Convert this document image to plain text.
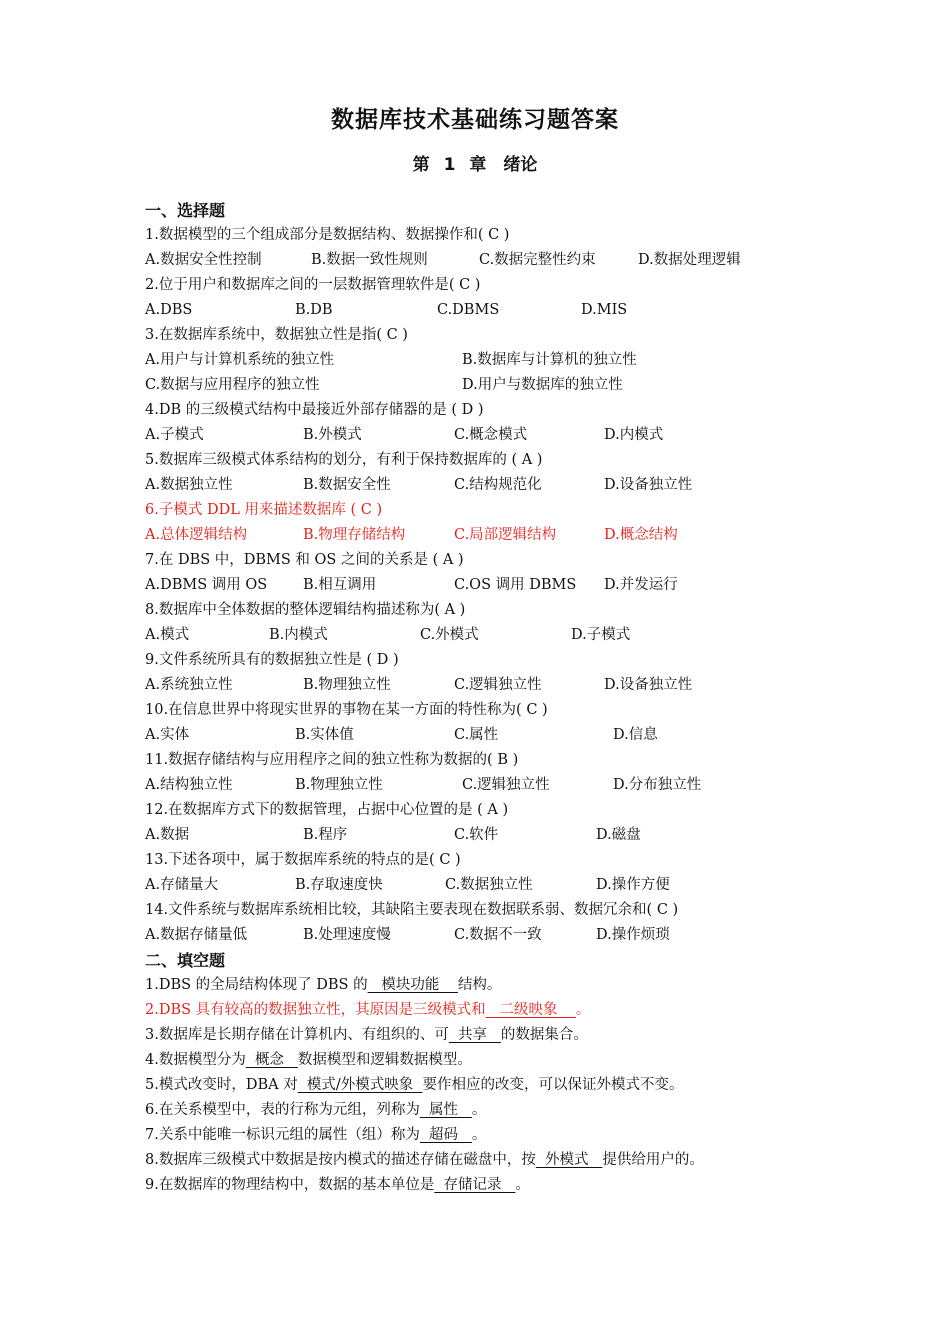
数据库技术基础练习题答案
第 1 章　绪论
一、选择题
1.数据模型的三个组成部分是数据结构、数据操作和( C )
A.数据安全性控制	B.数据一致性规则	C.数据完整性约束	D.数据处理逻辑
2.位于用户和数据库之间的一层数据管理软件是( C )
A.DBS	B.DB	C.DBMS	D.MIS
3.在数据库系统中，数据独立性是指( C )
A.用户与计算机系统的独立性	B.数据库与计算机的独立性
C.数据与应用程序的独立性	D.用户与数据库的独立性
4.DB 的三级模式结构中最接近外部存储器的是 ( D )
A.子模式	B.外模式	C.概念模式	D.内模式
5.数据库三级模式体系结构的划分，有利于保持数据库的 ( A )
A.数据独立性	B.数据安全性	C.结构规范化	D.设备独立性
6.子模式 DDL 用来描述数据库 ( C )
A.总体逻辑结构	B.物理存储结构	C.局部逻辑结构	D.概念结构
7.在 DBS 中，DBMS 和 OS 之间的关系是 ( A )
A.DBMS 调用 OS B.相互调用	C.OS 调用 DBMS D.并发运行
8.数据库中全体数据的整体逻辑结构描述称为( A )
A.模式	B.内模式	C.外模式	D.子模式
9.文件系统所具有的数据独立性是 ( D )
A.系统独立性	B.物理独立性	C.逻辑独立性	D.设备独立性
10.在信息世界中将现实世界的事物在某一方面的特性称为( C )
A.实体	B.实体值	C.属性	D.信息
11.数据存储结构与应用程序之间的独立性称为数据的( B )
A.结构独立性	B.物理独立性	C.逻辑独立性	D.分布独立性
12.在数据库方式下的数据管理，占据中心位置的是 ( A )
A.数据	B.程序	C.软件	D.磁盘
13.下述各项中，属于数据库系统的特点的是( C )
A.存储量大	B.存取速度快	C.数据独立性	D.操作方便
14.文件系统与数据库系统相比较，其缺陷主要表现在数据联系弱、数据冗余和( C )
A.数据存储量低	B.处理速度慢	C.数据不一致	D.操作烦琐
二、填空题
1.DBS 的全局结构体现了 DBS 的   模块功能    结构。
2.DBS 具有较高的数据独立性，其原因是三级模式和   二级映象    。
3.数据库是长期存储在计算机内、有组织的、可  共享   的数据集合。
4.数据模型分为  概念   数据模型和逻辑数据模型。
5.模式改变时，DBA 对  模式/外模式映象  要作相应的改变，可以保证外模式不变。
6.在关系模型中，表的行称为元组，列称为  属性   。
7.关系中能唯一标识元组的属性（组）称为  超码   。
8.数据库三级模式中数据是按内模式的描述存储在磁盘中，按  外模式   提供给用户的。
9.在数据库的物理结构中，数据的基本单位是  存储记录   。
